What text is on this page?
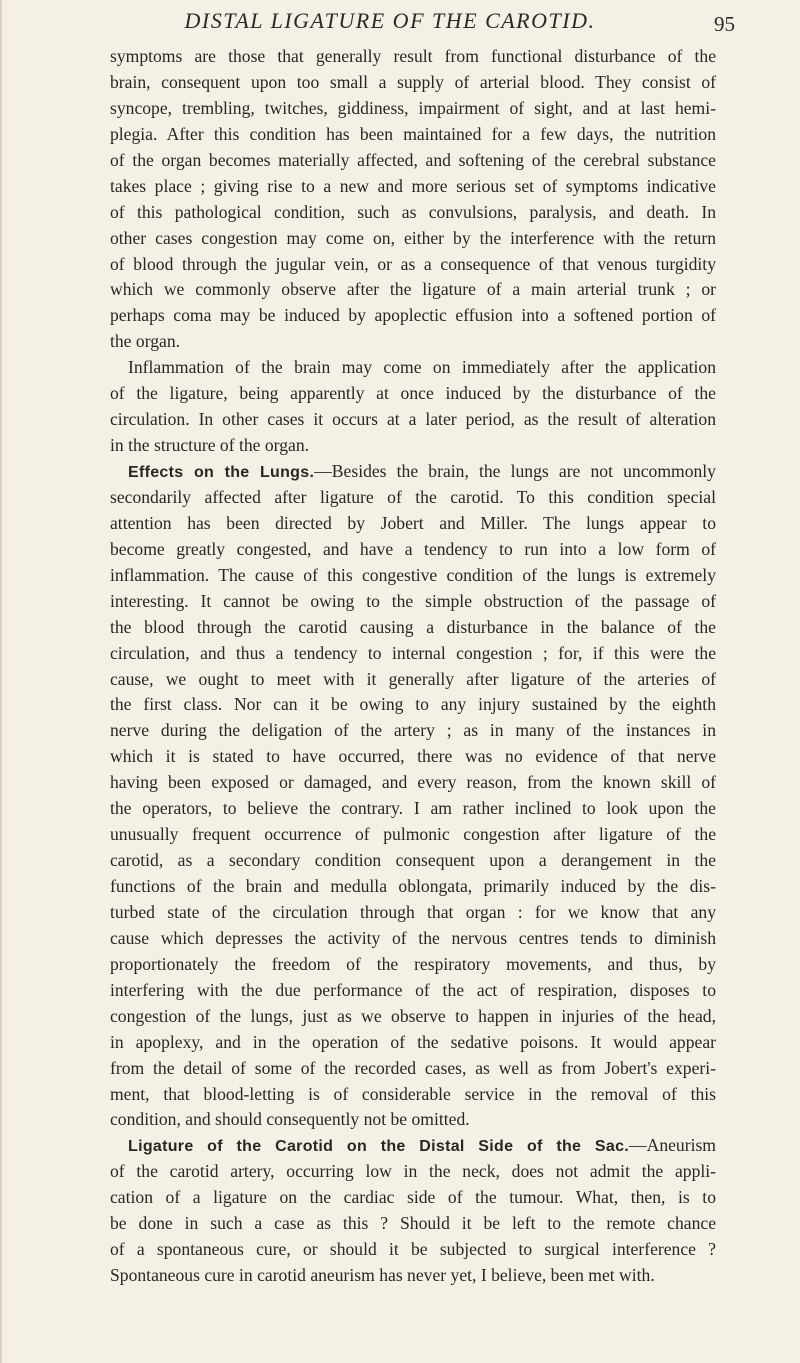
DISTAL LIGATURE OF THE CAROTID.	95
symptoms are those that generally result from functional disturbance of the
brain, consequent upon too small a supply of arterial blood. They consist of
syncope, trembling, twitches, giddiness, impairment of sight, and at last hemi-
plegia. After this condition has been maintained for a few days, the nutrition
of the organ becomes materially affected, and softening of the cerebral substance
takes place ; giving rise to a new and more serious set of symptoms indicative
of this pathological condition, such as convulsions, paralysis, and death. In
other cases congestion may come on, either by the interference with the return
of blood through the jugular vein, or as a consequence of that venous turgidity
which we commonly observe after the ligature of a main arterial trunk ; or
perhaps coma may be induced by apoplectic effusion into a softened portion of
the organ.
Inflammation of the brain may come on immediately after the application
of the ligature, being apparently at once induced by the disturbance of the
circulation. In other cases it occurs at a later period, as the result of alteration
in the structure of the organ.
Effects on the Lungs.—Besides the brain, the lungs are not uncommonly
secondarily affected after ligature of the carotid. To this condition special
attention has been directed by Jobert and Miller. The lungs appear to
become greatly congested, and have a tendency to run into a low form of
inflammation. The cause of this congestive condition of the lungs is extremely
interesting. It cannot be owing to the simple obstruction of the passage of
the blood through the carotid causing a disturbance in the balance of the
circulation, and thus a tendency to internal congestion ; for, if this were the
cause, we ought to meet with it generally after ligature of the arteries of
the first class. Nor can it be owing to any injury sustained by the eighth
nerve during the deligation of the artery ; as in many of the instances in
which it is stated to have occurred, there was no evidence of that nerve
having been exposed or damaged, and every reason, from the known skill of
the operators, to believe the contrary. I am rather inclined to look upon the
unusually frequent occurrence of pulmonic congestion after ligature of the
carotid, as a secondary condition consequent upon a derangement in the
functions of the brain and medulla oblongata, primarily induced by the dis-
turbed state of the circulation through that organ : for we know that any
cause which depresses the activity of the nervous centres tends to diminish
proportionately the freedom of the respiratory movements, and thus, by
interfering with the due performance of the act of respiration, disposes to
congestion of the lungs, just as we observe to happen in injuries of the head,
in apoplexy, and in the operation of the sedative poisons. It would appear
from the detail of some of the recorded cases, as well as from Jobert's experi-
ment, that blood-letting is of considerable service in the removal of this
condition, and should consequently not be omitted.
Ligature of the Carotid on the Distal Side of the Sac.—Aneurism
of the carotid artery, occurring low in the neck, does not admit the appli-
cation of a ligature on the cardiac side of the tumour. What, then, is to
be done in such a case as this ? Should it be left to the remote chance
of a spontaneous cure, or should it be subjected to surgical interference ?
Spontaneous cure in carotid aneurism has never yet, I believe, been met with.
